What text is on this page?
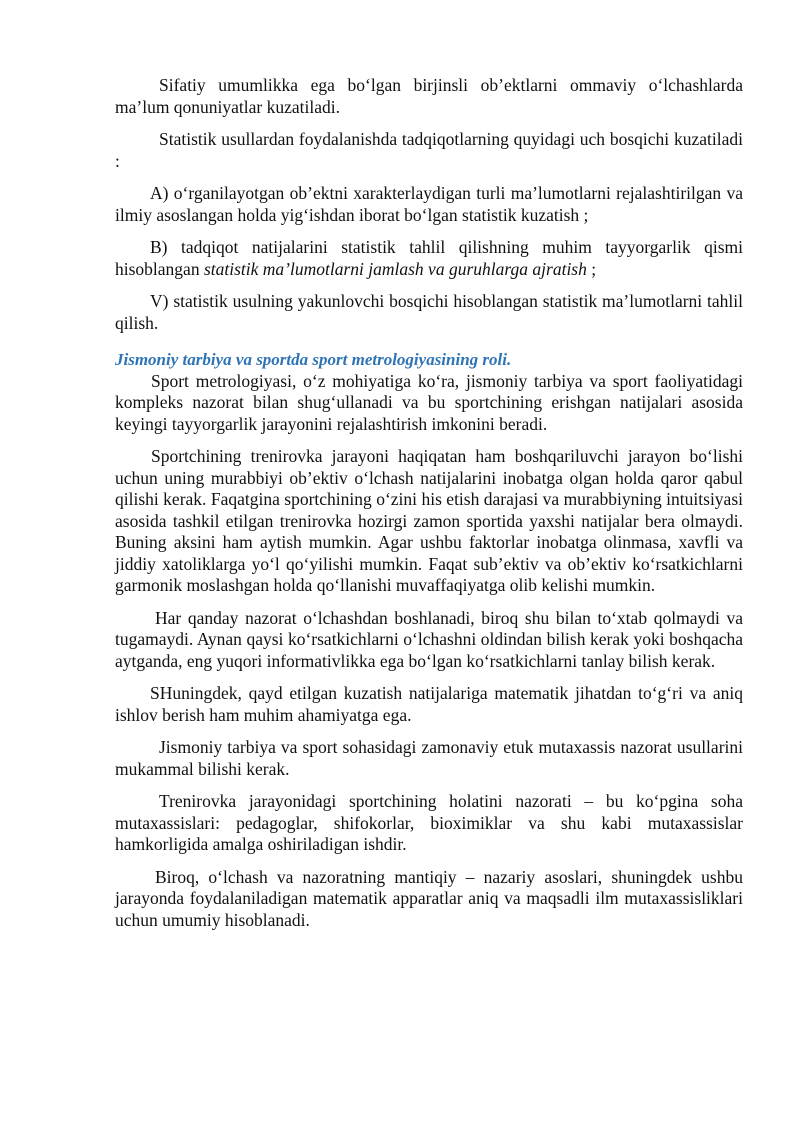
Sifatiy umumlikka ega bo‘lgan birjinsli ob’ektlarni ommaviy o‘lchashlarda ma’lum qonuniyatlar kuzatiladi.

Statistik usullardan foydalanishda tadqiqotlarning quyidagi uch bosqichi kuzatiladi :

A) o‘rganilayotgan ob’ektni xarakterlaydigan turli ma’lumotlarni rejalashtirilgan va ilmiy asoslangan holda yig‘ishdan iborat bo‘lgan statistik kuzatish ;

B) tadqiqot natijalarini statistik tahlil qilishning muhim tayyorgarlik qismi hisoblangan statistik ma’lumotlarni jamlash va guruhlarga ajratish ;

V) statistik usulning yakunlovchi bosqichi hisoblangan statistik ma’lumotlarni tahlil qilish.

Jismoniy tarbiya va sportda sport metrologiyasining roli.

Sport metrologiyasi, o‘z mohiyatiga ko‘ra, jismoniy tarbiya va sport faoliyatidagi kompleks nazorat bilan shug‘ullanadi va bu sportchining erishgan natijalari asosida keyingi tayyorgarlik jarayonini rejalashtirish imkonini beradi.

Sportchining trenirovka jarayoni haqiqatan ham boshqariluvchi jarayon bo‘lishi uchun uning murabbiyi ob’ektiv o‘lchash natijalarini inobatga olgan holda qaror qabul qilishi kerak. Faqatgina sportchining o‘zini his etish darajasi va murabbiyning intuitsiyasi asosida tashkil etilgan trenirovka hozirgi zamon sportida yaxshi natijalar bera olmaydi. Buning aksini ham aytish mumkin. Agar ushbu faktorlar inobatga olinmasa, xavfli va jiddiy xatoliklarga yo‘l qo‘yilishi mumkin. Faqat sub’ektiv va ob’ektiv ko‘rsatkichlarni garmonik moslashgan holda qo‘llanishi muvaffaqiyatga olib kelishi mumkin.

Har qanday nazorat o‘lchashdan boshlanadi, biroq shu bilan to‘xtab qolmaydi va tugamaydi. Aynan qaysi ko‘rsatkichlarni o‘lchashni oldindan bilish kerak yoki boshqacha aytganda, eng yuqori informativlikka ega bo‘lgan ko‘rsatkichlarni tanlay bilish kerak.

SHuningdek, qayd etilgan kuzatish natijalariga matematik jihatdan to‘g‘ri va aniq ishlov berish ham muhim ahamiyatga ega.

Jismoniy tarbiya va sport sohasidagi zamonaviy etuk mutaxassis nazorat usullarini mukammal bilishi kerak.

Trenirovka jarayonidagi sportchining holatini nazorati – bu ko‘pgina soha mutaxassislari: pedagoglar, shifokorlar, bioximiklar va shu kabi mutaxassislar hamkorligida amalga oshiriladigan ishdir.

Biroq, o‘lchash va nazoratning mantiqiy – nazariy asoslari, shuningdek ushbu jarayonda foydalaniladigan matematik apparatlar aniq va maqsadli ilm mutaxassisliklari uchun umumiy hisoblanadi.
